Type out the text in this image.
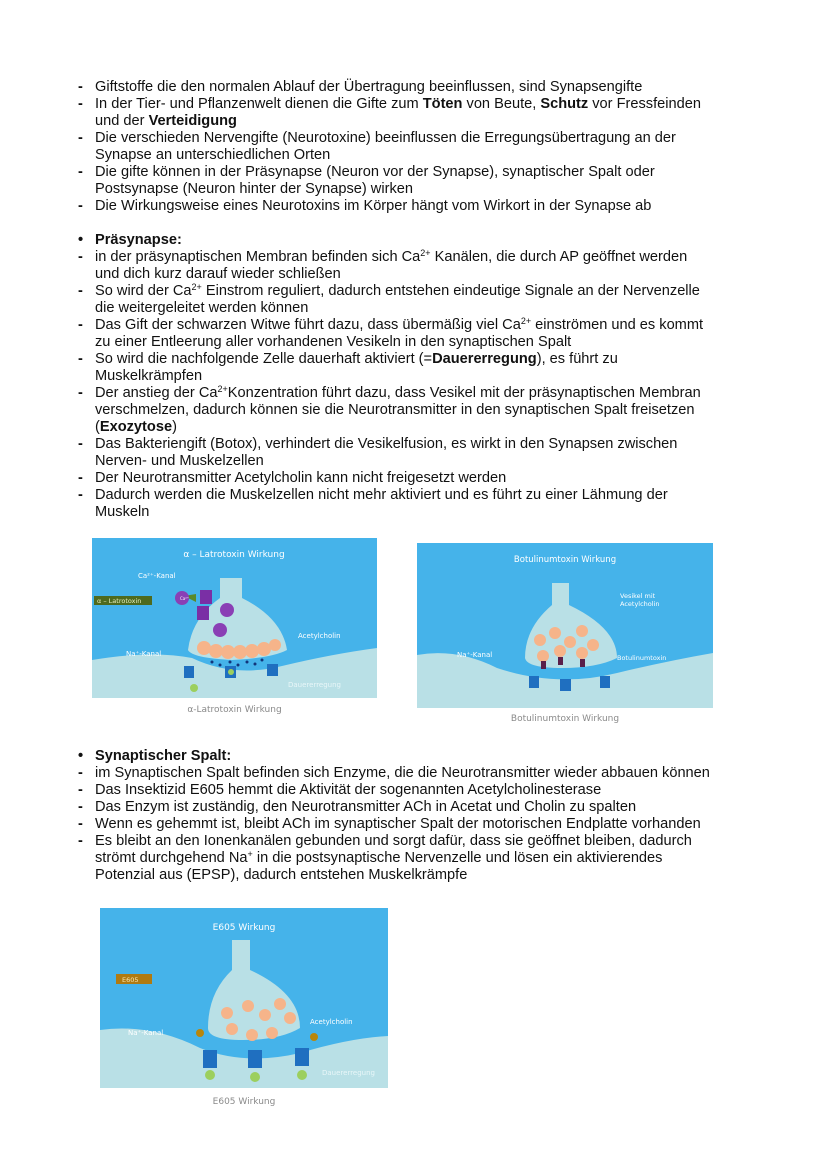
- Giftstoffe die den normalen Ablauf der Übertragung beeinflussen, sind Synapsengifte
- In der Tier- und Pflanzenwelt dienen die Gifte zum Töten von Beute, Schutz vor Fressfeinden
und der Verteidigung
- Die verschieden Nervengifte (Neurotoxine) beeinflussen die Erregungsübertragung an der
Synapse an unterschiedlichen Orten
- Die gifte können in der Präsynapse (Neuron vor der Synapse), synaptischer Spalt oder
Postsynapse (Neuron hinter der Synapse) wirken
- Die Wirkungsweise eines Neurotoxins im Körper hängt vom Wirkort in der Synapse ab
• Präsynapse:
- in der präsynaptischen Membran befinden sich $Ca^{2+}$ Kanälen, die durch AP geöffnet werden
und dich kurz darauf wieder schließen
- So wird der $Ca^{2+}$ Einstrom reguliert, dadurch entstehen eindeutige Signale an der Nervenzelle
die weitergeleitet werden können
- Das Gift der schwarzen Witwe führt dazu, dass übermäßig viel $Ca^{2+}$ einströmen und es kommt
zu einer Entleerung aller vorhandenen Vesikeln in den synaptischen Spalt
- So wird die nachfolgende Zelle dauerhaft aktiviert (=Dauererregung), es führt zu
Muskelkrämpfen
- Der anstieg der $Ca^{2+}Konzentration$ führt dazu, dass Vesikel mit der präsynaptischen Membran
verschmelzen, dadurch können sie die Neurotransmitter in den synaptischen Spalt freisetzen
(Exozytose)
- Das Bakteriengift (Botox), verhindert die Vesikelfusion, es wirkt in den Synapsen zwischen
Nerven- und Muskelzellen
- Der Neurotransmitter Acetylcholin kann nicht freigesetzt werden
- Dadurch werden die Muskelzellen nicht mehr aktiviert und es führt zu einer Lähmung der
Muskeln
Ca²⁺
α – Latrotoxin Wirkung
Ca²⁺-Kanal
α – Latrotoxin
Acetylcholin
Na⁺-Kanal
Dauererregung
α-Latrotoxin Wirkung
Botulinumtoxin Wirkung
Vesikel mit
Acetylcholin
Na⁺-Kanal	Botulinumtoxin
Botulinumtoxin Wirkung
• Synaptischer Spalt:
- im Synaptischen Spalt befinden sich Enzyme, die die Neurotransmitter wieder abbauen können
- Das Insektizid E605 hemmt die Aktivität der sogenannten Acetylcholinesterase
- Das Enzym ist zuständig, den Neurotransmitter ACh in Acetat und Cholin zu spalten
- Wenn es gehemmt ist, bleibt ACh im synaptischer Spalt der motorischen Endplatte vorhanden
- Es bleibt an den Ionenkanälen gebunden und sorgt dafür, dass sie geöffnet bleiben, dadurch
strömt durchgehend Na+ in die postsynaptische Nervenzelle und lösen ein aktivierendes
Potenzial aus (EPSP), dadurch entstehen Muskelkrämpfe
E605 Wirkung
E605
Na⁺-Kanal
Acetylcholin
Dauererregung
E605 Wirkung
